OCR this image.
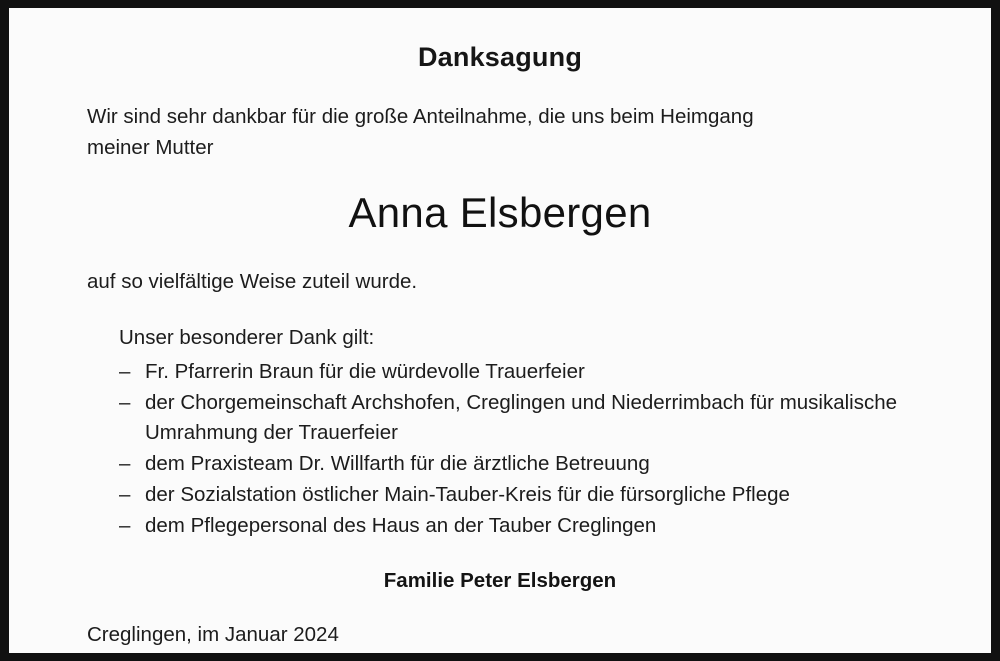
Danksagung

Wir sind sehr dankbar für die große Anteilnahme, die uns beim Heimgang
meiner Mutter

Anna Elsbergen

auf so vielfältige Weise zuteil wurde.

Unser besonderer Dank gilt:

– Fr. Pfarrerin Braun für die würdevolle Trauerfeier
– der Chorgemeinschaft Archshofen, Creglingen und Niederrimbach für musikalische Umrahmung der Trauerfeier
– dem Praxisteam Dr. Willfarth für die ärztliche Betreuung
– der Sozialstation östlicher Main-Tauber-Kreis für die fürsorgliche Pflege
– dem Pflegepersonal des Haus an der Tauber Creglingen
Familie Peter Elsbergen
Creglingen, im Januar 2024
